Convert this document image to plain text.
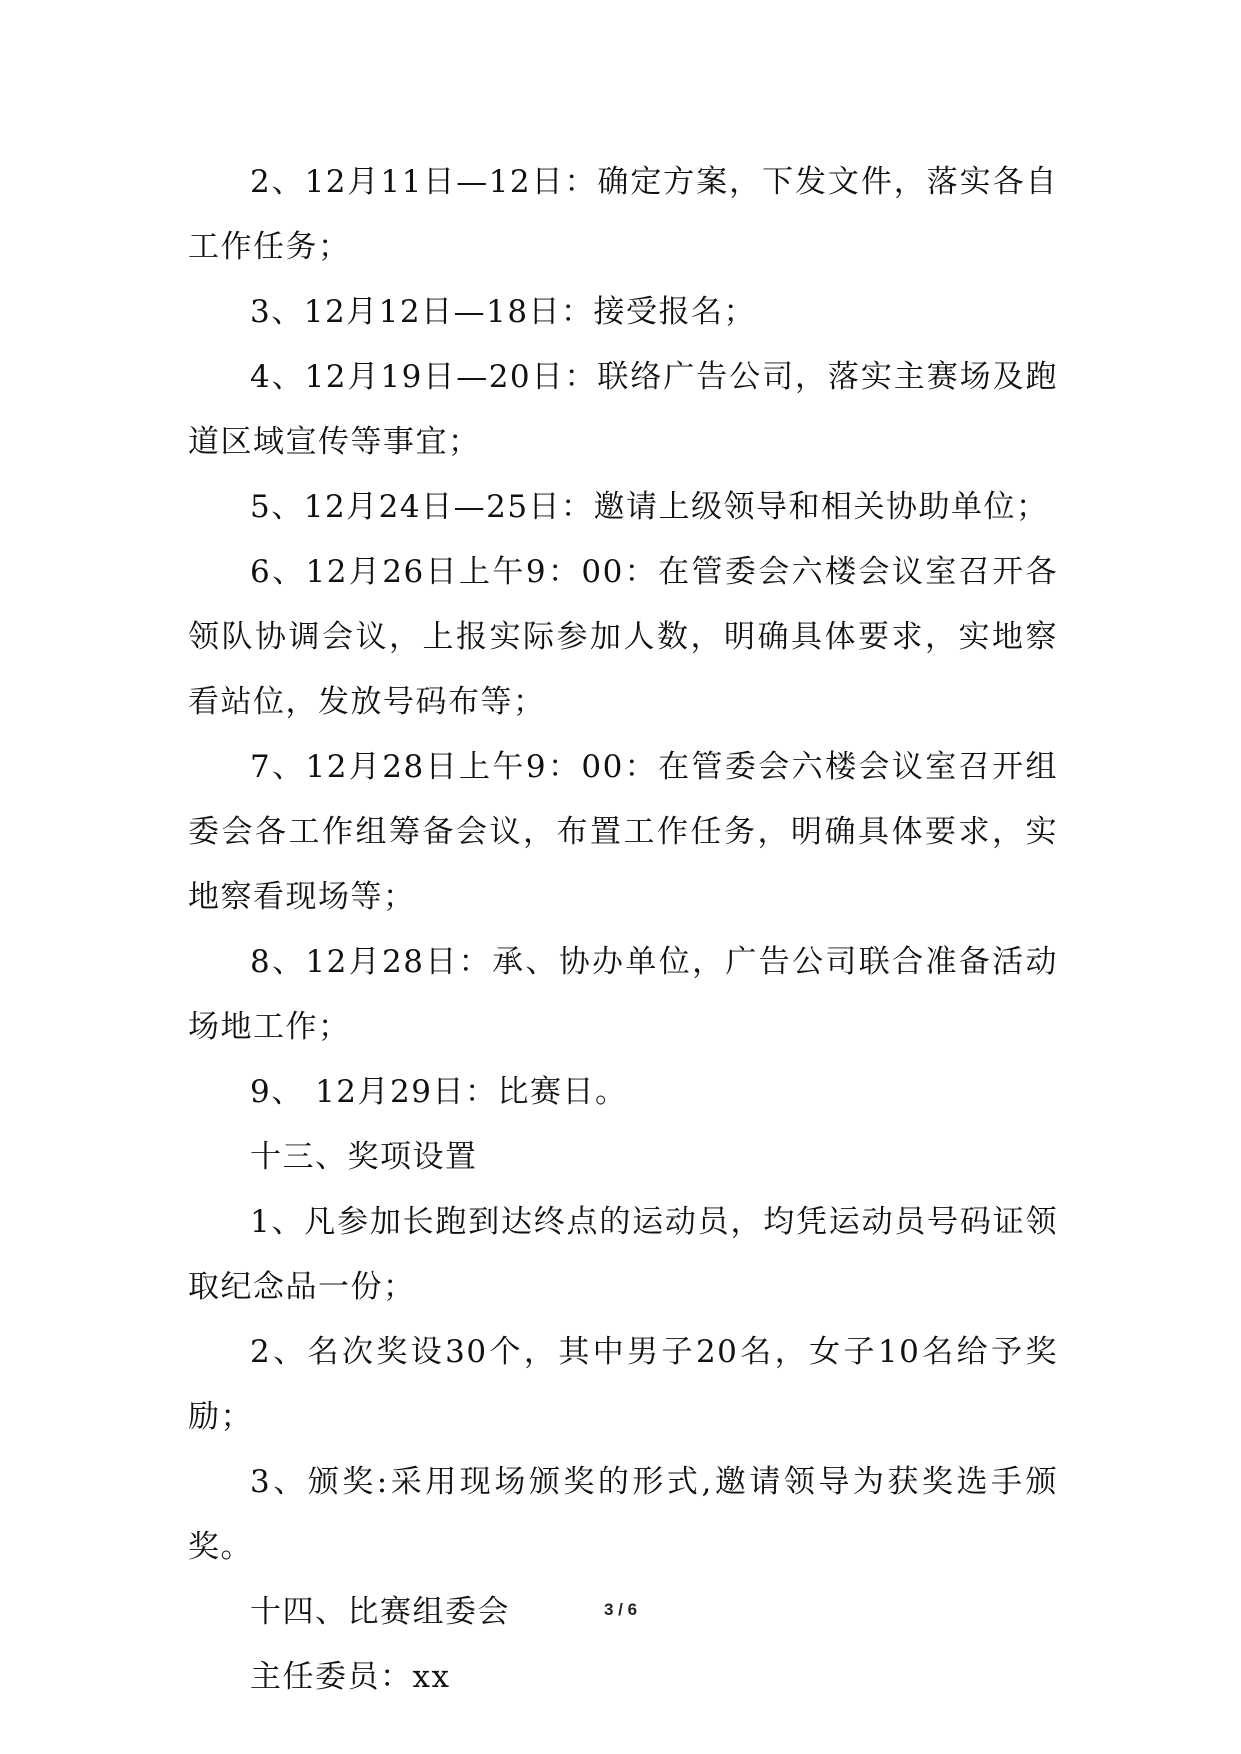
2、12月11日—12日：确定方案，下发文件，落实各自工作任务；

3、12月12日—18日：接受报名；

4、12月19日—20日：联络广告公司，落实主赛场及跑道区域宣传等事宜；

5、12月24日—25日：邀请上级领导和相关协助单位；

6、12月26日上午9：00：在管委会六楼会议室召开各领队协调会议，上报实际参加人数，明确具体要求，实地察看站位，发放号码布等；

7、12月28日上午9：00：在管委会六楼会议室召开组委会各工作组筹备会议，布置工作任务，明确具体要求，实地察看现场等；

8、12月28日：承、协办单位，广告公司联合准备活动场地工作；

9、 12月29日：比赛日。

十三、奖项设置

1、凡参加长跑到达终点的运动员，均凭运动员号码证领取纪念品一份；

2、名次奖设30个，其中男子20名，女子10名给予奖励；

3、颁奖:采用现场颁奖的形式,邀请领导为获奖选手颁奖。

十四、比赛组委会

主任委员：xx

3 / 6
